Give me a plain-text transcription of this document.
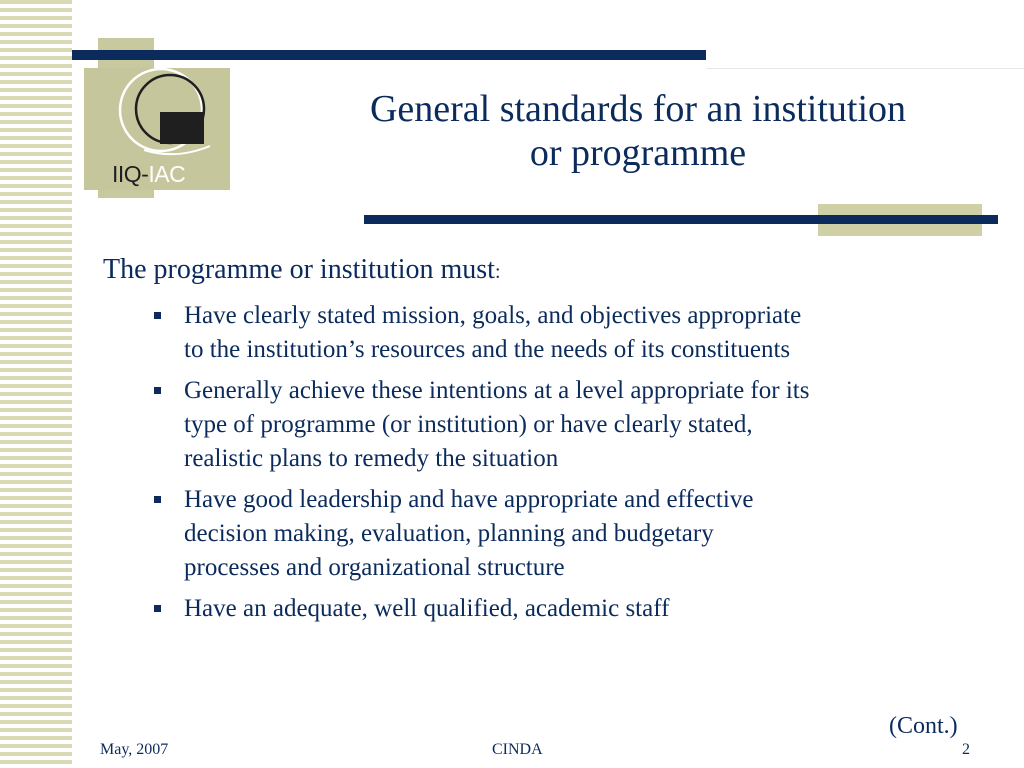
IIQ-IAC
General standards for an institution
or programme
The programme or institution must:
Have clearly stated mission, goals, and objectives appropriate
to the institution’s resources and the needs of its constituents
Generally achieve these intentions at a level appropriate for its
type of programme (or institution) or have clearly stated,
realistic plans to remedy the situation
Have good leadership and have appropriate and effective
decision making, evaluation, planning and budgetary
processes and organizational structure
Have an adequate, well qualified, academic staff
(Cont.)
May, 2007	CINDA	2
